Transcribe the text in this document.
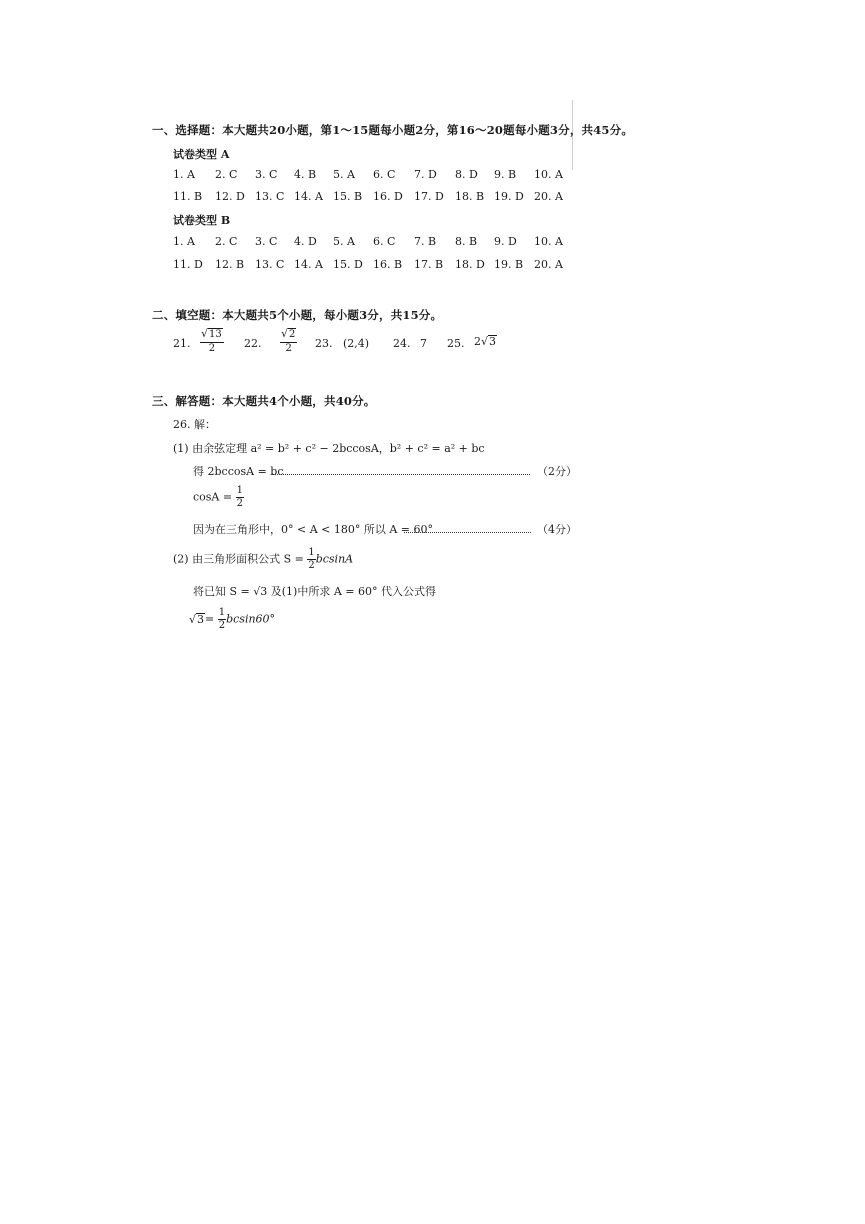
一、选择题：本大题共20小题，第1～15题每小题2分，第16～20题每小题3分，共45分。
试卷类型 A
1. A 2. C 3. C 4. B 5. A 6. C 7. D 8. D 9. B 10. A
11. B 12. D 13. C 14. A 15. B 16. D 17. D 18. B 19. D 20. A
试卷类型 B
1. A 2. C 3. C 4. D 5. A 6. C 7. B 8. B 9. D 10. A
11. D 12. B 13. C 14. A 15. D 16. B 17. B 18. D 19. B 20. A
二、填空题：本大题共5个小题，每小题3分，共15分。
21. $\frac{√ 13}{2} 22$. $\frac{√ 2}{2} 23$. (2,4) 24. 7 25. 2 √ 3
三、解答题：本大题共4个小题，共40分。
26. 解：
(1) 由余弦定理 a² = b² + c² − 2bccosA，b² + c² = a² + bc
得 2bccosA = bc	（2分）
$\cos A = \frac{1}{2}$
因为在三角形中，0° < A < 180° 所以 A = 60°	（4分）
(2) 由三角形面积公式 $S = \frac{1}{2}$ bcsinA
将已知 S = √3 及(1)中所求 A = 60° 代入公式得
√ $3 = \frac{1}{2} bcsin60^\circ$
